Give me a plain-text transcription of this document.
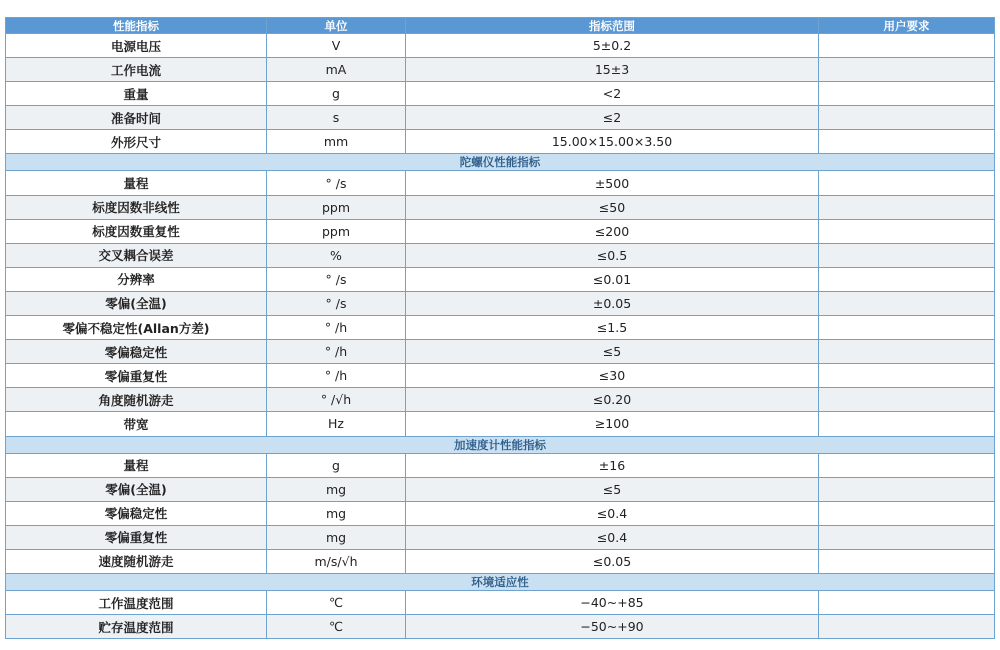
性能指标	单位	指标范围	用户要求
电源电压	V	5±0.2
工作电流	mA	15±3
重量	g	<2
准备时间	s	≤2
外形尺寸	mm	15.00×15.00×3.50
陀螺仪性能指标
量程	° /s	±500
标度因数非线性	ppm	≤50
标度因数重复性	ppm	≤200
交叉耦合误差	%	≤0.5
分辨率	° /s	≤0.01
零偏(全温)	° /s	±0.05
零偏不稳定性(Allan方差)	° /h	≤1.5
零偏稳定性	° /h	≤5
零偏重复性	° /h	≤30
角度随机游走	° /√h	≤0.20
带宽	Hz	≥100
加速度计性能指标
量程	g	±16
零偏(全温)	mg	≤5
零偏稳定性	mg	≤0.4
零偏重复性	mg	≤0.4
速度随机游走	m/s/√h	≤0.05
环境适应性
工作温度范围	℃	−40~+85
贮存温度范围	℃	−50~+90
